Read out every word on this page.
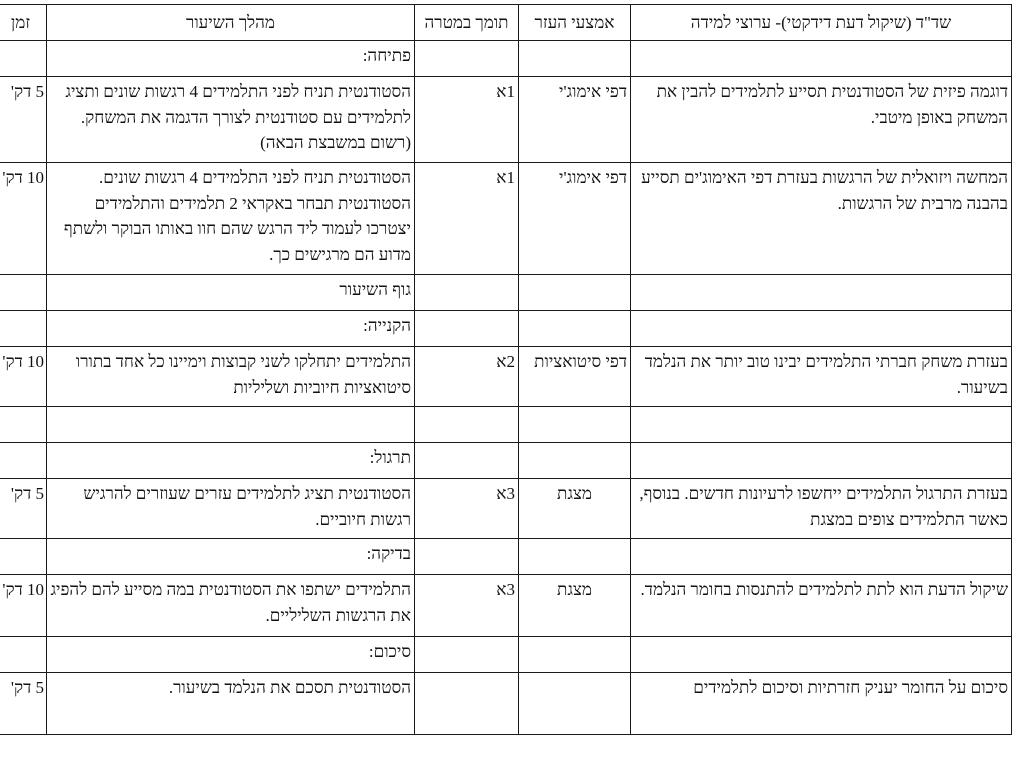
שד"ד (שיקול דעת דידקטי)- ערוצי למידה	אמצעי העזר	תומך במטרה	מהלך השיעור	זמן
			פתיחה:	
דוגמה פיזית של הסטודנטית תסייע לתלמידים להבין את המשחק באופן מיטבי.	דפי אימוג'י	1א	הסטודנטית תניח לפני התלמידים 4 רגשות שונים ותציג לתלמידים עם סטודנטית לצורך הדגמה את המשחק. (רשום במשבצת הבאה)	5 דק'
המחשה ויזואלית של הרגשות בעזרת דפי האימוג'ים תסייע בהבנה מרבית של הרגשות.	דפי אימוג'י	1א	הסטודנטית תניח לפני התלמידים 4 רגשות שונים. הסטודנטית תבחר באקראי 2 תלמידים והתלמידים יצטרכו לעמוד ליד הרגש שהם חוו באותו הבוקר ולשתף מדוע הם מרגישים כך.	10 דק'
			גוף השיעור	
			הקנייה:	
בעזרת משחק חברתי התלמידים יבינו טוב יותר את הנלמד בשיעור.	דפי סיטואציות	2א	התלמידים יתחלקו לשני קבוצות וימיינו כל אחד בתורו סיטואציות חיוביות ושליליות	10 דק'

			תרגול:	
בעזרת התרגול התלמידים ייחשפו לרעיונות חדשים. בנוסף, כאשר התלמידים צופים במצגת	מצגת	3א	הסטודנטית תציג לתלמידים עזרים שעוזרים להרגיש רגשות חיוביים.	5 דק'
			בדיקה:	
שיקול הדעת הוא לתת לתלמידים להתנסות בחומר הנלמד.	מצגת	3א	התלמידים ישתפו את הסטודנטית במה מסייע להם להפיג את הרגשות השליליים.	10 דק'
			סיכום:	
סיכום על החומר יעניק חזרתיות וסיכום לתלמידים			הסטודנטית תסכם את הנלמד בשיעור.	5 דק'
